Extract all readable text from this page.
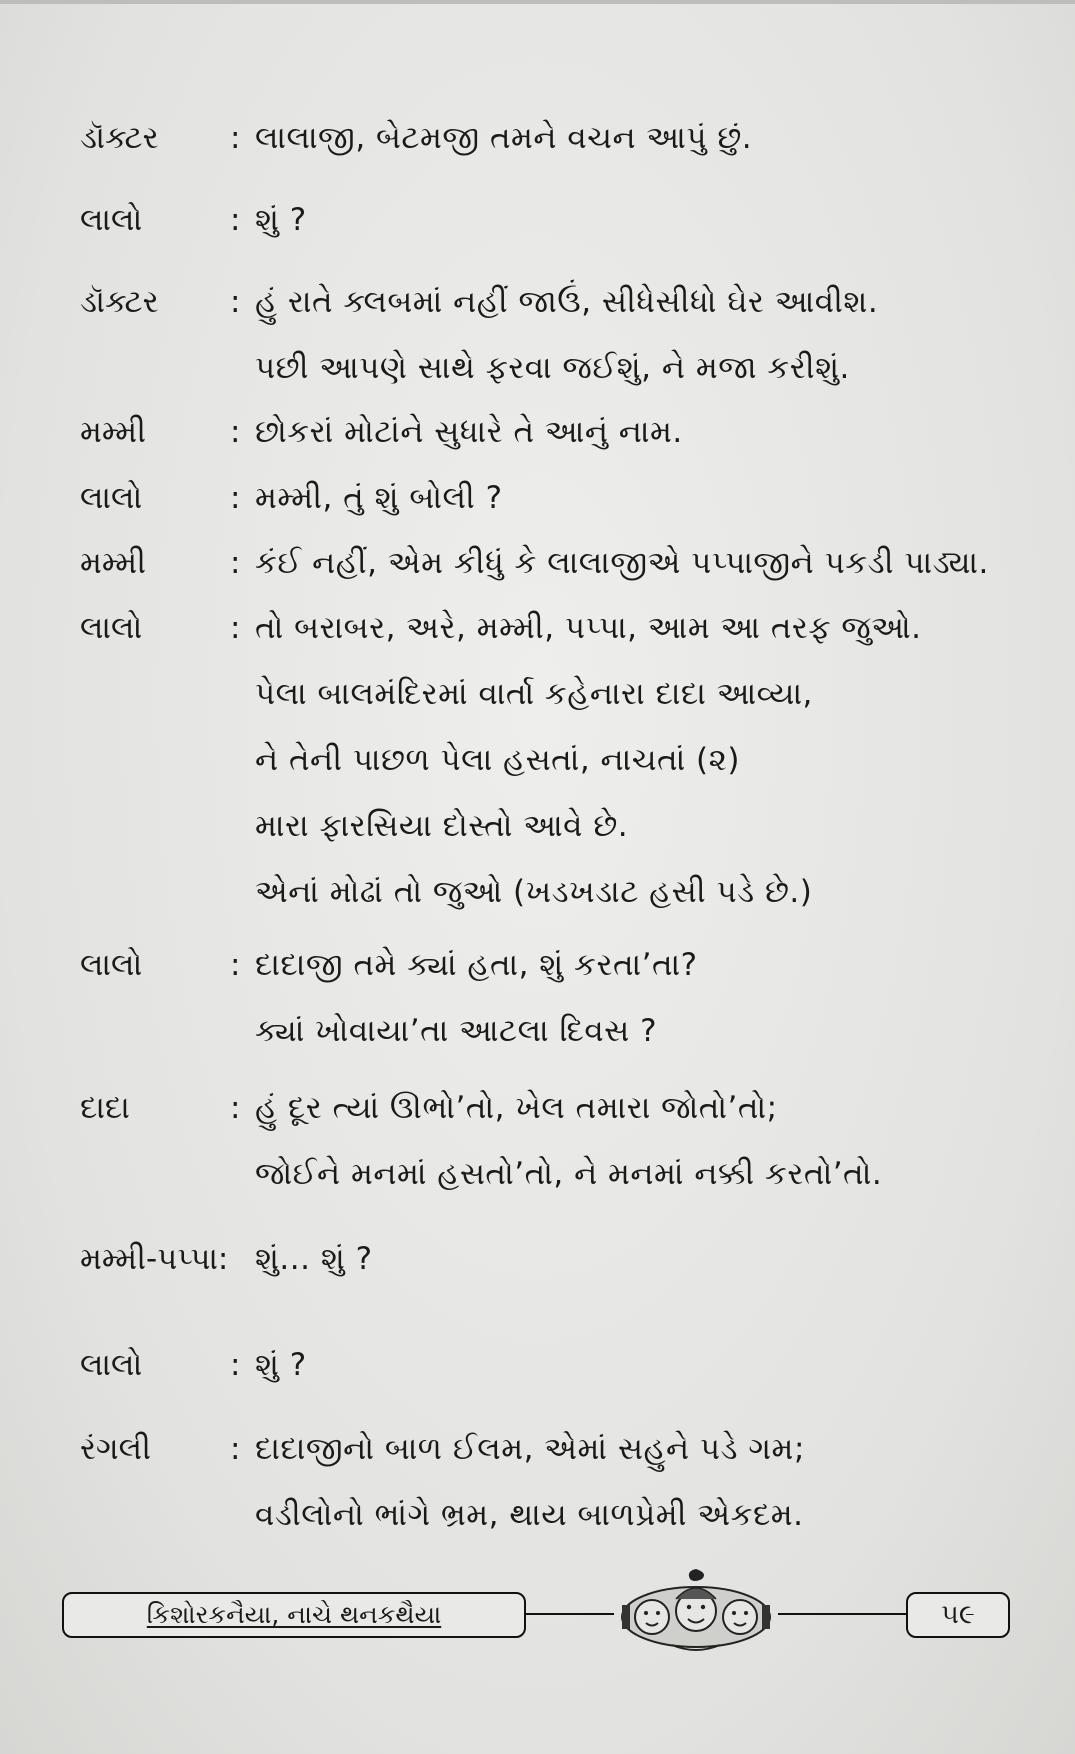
ડૉક્ટર : લાલાજી, બેટમજી તમને વચન આપું છું.
લાલો	: શું ?
ડૉક્ટર : હું રાતે ક્લબમાં નહીં જાઉં, સીધેસીધો ઘેર આવીશ.
પછી આપણે સાથે ફરવા જઈશું, ને મજા કરીશું.
મમ્મી	: છોકરાં મોટાંને સુધારે તે આનું નામ.
લાલો	: મમ્મી, તું શું બોલી ?
મમ્મી	: કંઈ નહીં, એમ કીધું કે લાલાજીએ પપ્પાજીને પકડી પાડ્યા.
લાલો	: તો બરાબર, અરે, મમ્મી, પપ્પા, આમ આ તરફ જુઓ.
પેલા બાલમંદિરમાં વાર્તા કહેનારા દાદા આવ્યા,
ને તેની પાછળ પેલા હસતાં, નાચતાં (૨)
મારા ફારસિયા દોસ્તો આવે છે.
એનાં મોઢાં તો જુઓ (ખડખડાટ હસી પડે છે.)
લાલો	: દાદાજી તમે ક્યાં હતા, શું કરતા’તા?
ક્યાં ખોવાયા’તા આટલા દિવસ ?
દાદા	: હું દૂર ત્યાં ઊભો’તો, ખેલ તમારા જોતો’તો;
જોઈને મનમાં હસતો’તો, ને મનમાં નક્કી કરતો’તો.
મમ્મી-પપ્પા: શું... શું ?
લાલો	: શું ?
રંગલી	: દાદાજીનો બાળ ઈલમ, એમાં સહુને પડે ગમ;
વડીલોનો ભાંગે ભ્રમ, થાય બાળપ્રેમી એકદમ.
કિશોરકનૈયા, નાચે થનકથૈયા	૫૯
